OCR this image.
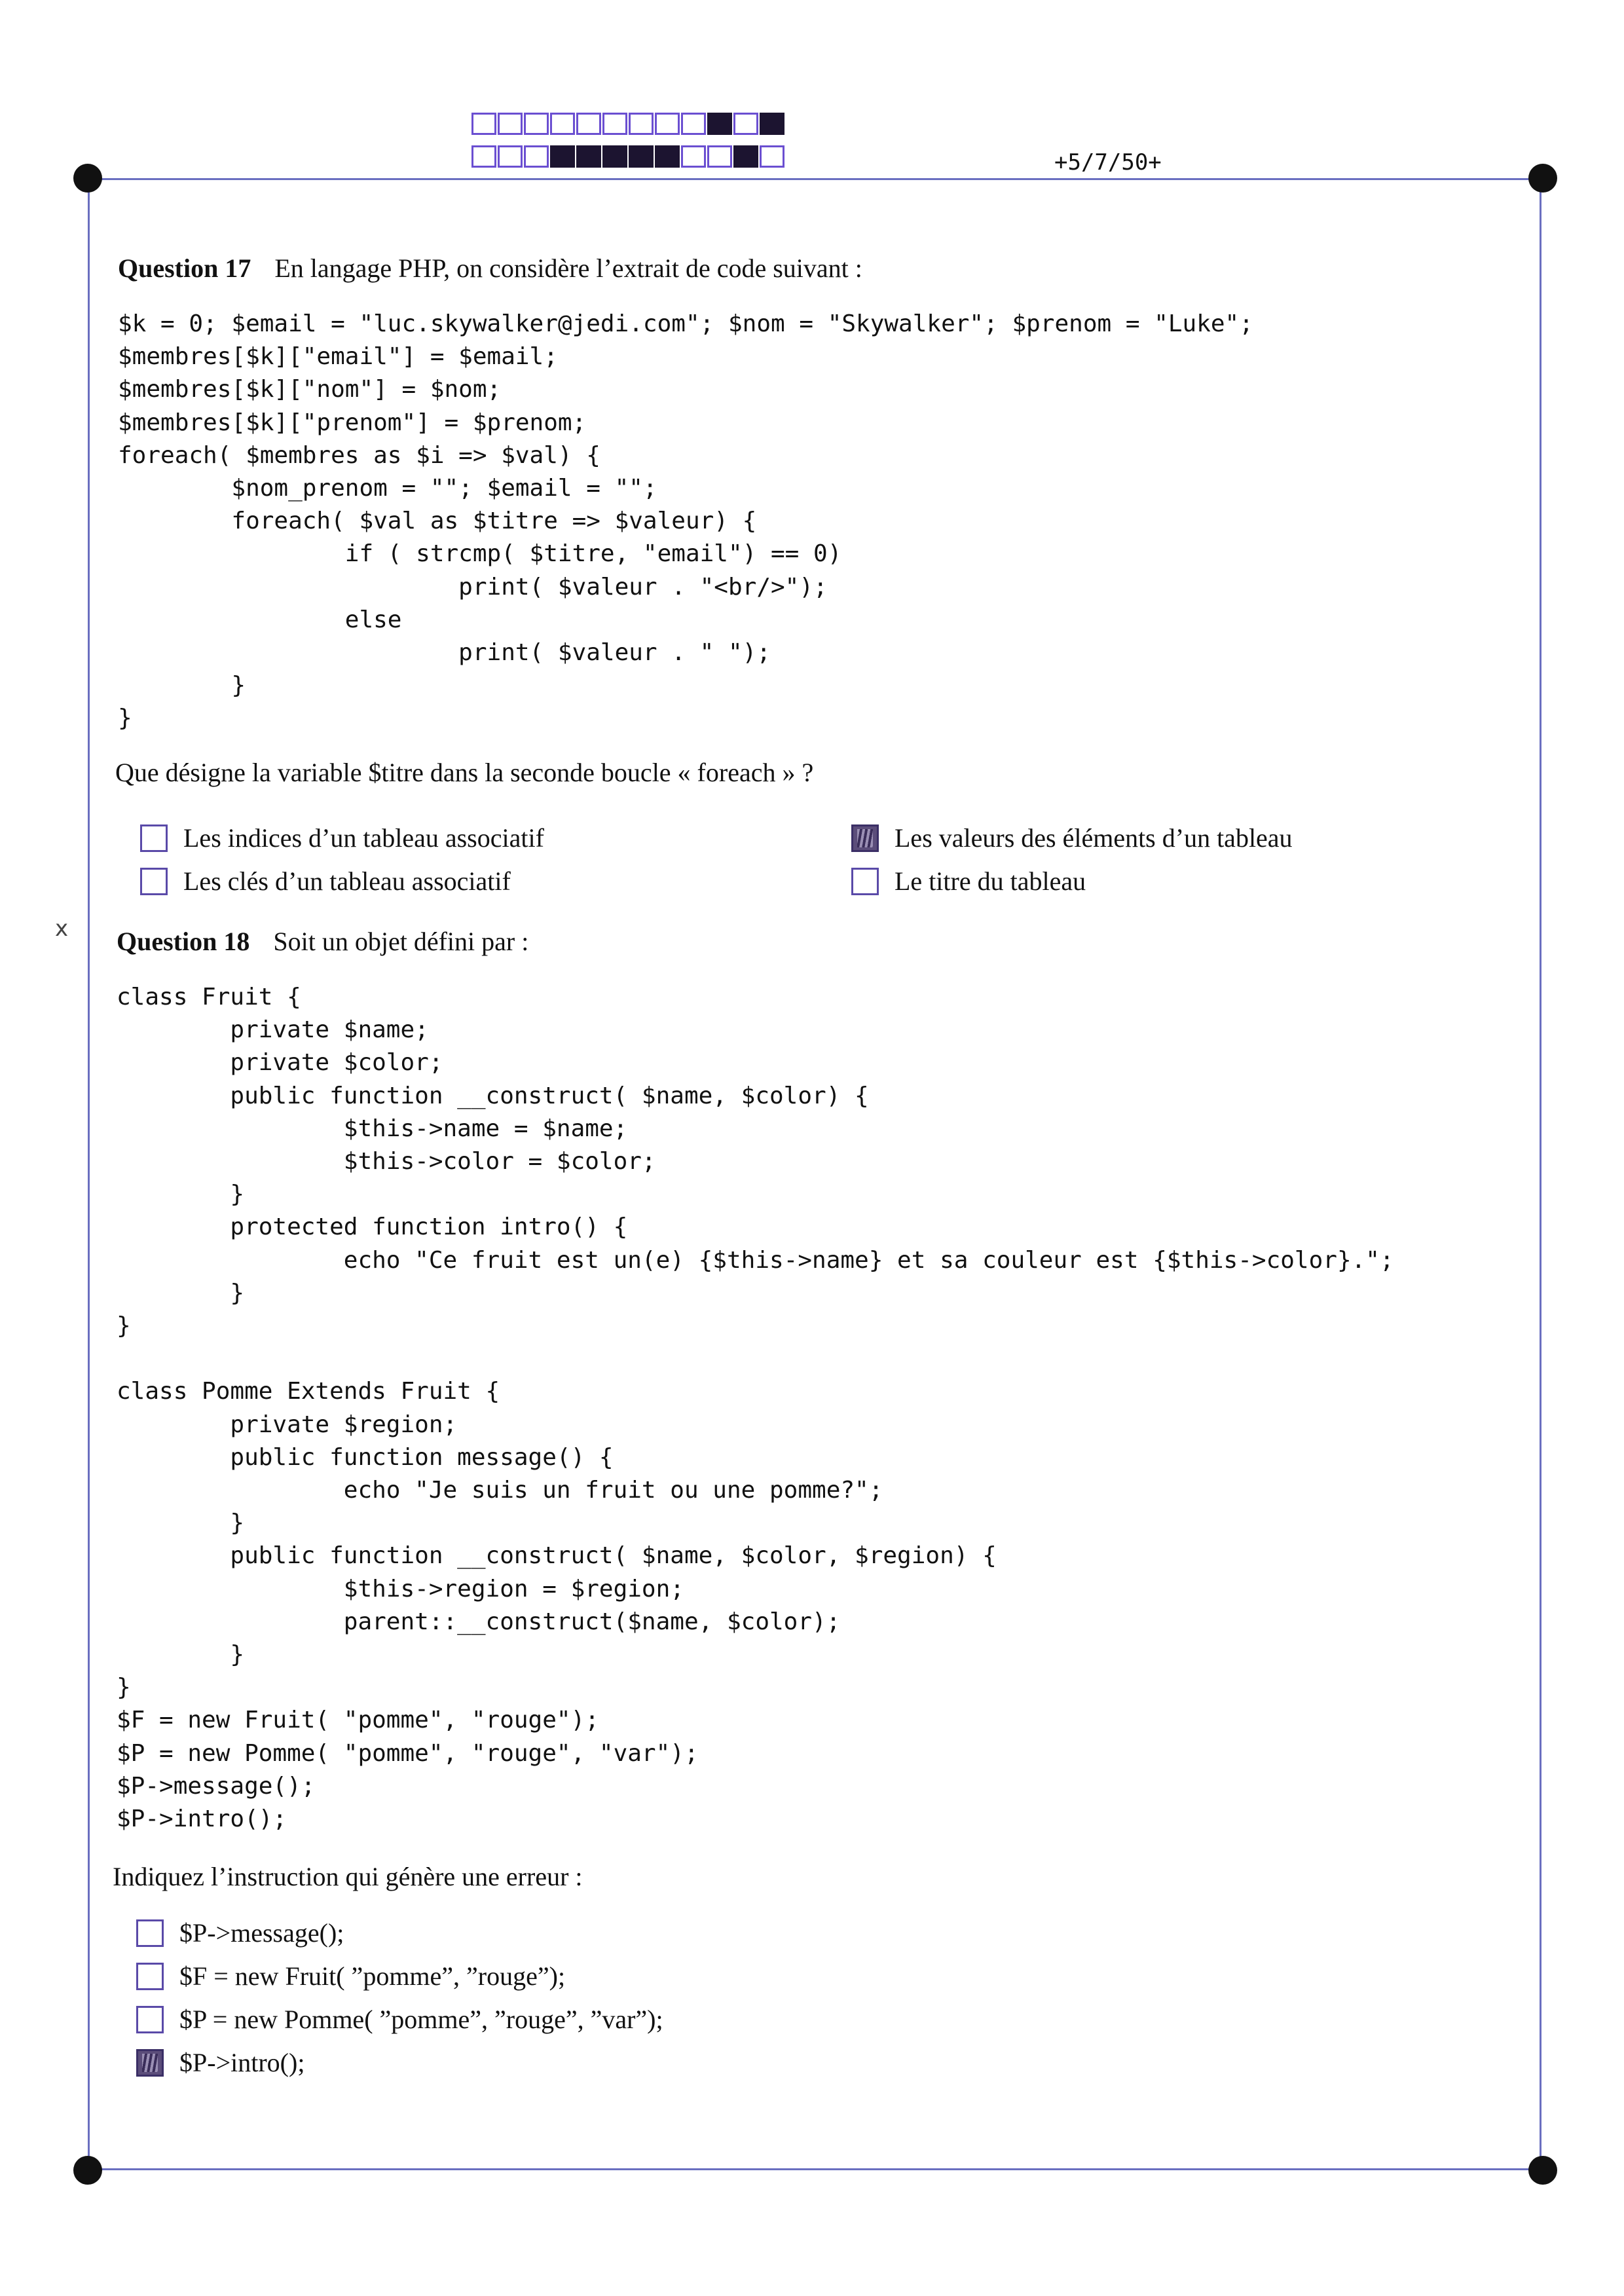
+5/7/50+
x
Question 17 En langage PHP, on considère l’extrait de code suivant :
$k = 0; $email = "luc.skywalker@jedi.com"; $nom = "Skywalker"; $prenom = "Luke";
$membres[$k]["email"] = $email;
$membres[$k]["nom"] = $nom;
$membres[$k]["prenom"] = $prenom;
foreach( $membres as $i => $val) {
$nom_prenom = ""; $email = "";
foreach( $val as $titre => $valeur) {
if ( strcmp( $titre, "email") == 0)
print( $valeur . "<br/>");
else
print( $valeur . " ");
}
}
Que désigne la variable $titre dans la seconde boucle « foreach » ?
Les indices d’un tableau associatif
Les clés d’un tableau associatif
Les valeurs des éléments d’un tableau
Le titre du tableau
Question 18 Soit un objet défini par :
class Fruit {
private $name;
private $color;
public function __construct( $name, $color) {
$this->name = $name;
$this->color = $color;
}
protected function intro() {
echo "Ce fruit est un(e) {$this->name} et sa couleur est {$this->color}.";
}
}

class Pomme Extends Fruit {
private $region;
public function message() {
echo "Je suis un fruit ou une pomme?";
}
public function __construct( $name, $color, $region) {
$this->region = $region;
parent::__construct($name, $color);
}
}
$F = new Fruit( "pomme", "rouge");
$P = new Pomme( "pomme", "rouge", "var");
$P->message();
$P->intro();
Indiquez l’instruction qui génère une erreur :
$P->message();
$F = new Fruit( ”pomme”, ”rouge”);
$P = new Pomme( ”pomme”, ”rouge”, ”var”);
$P->intro();
